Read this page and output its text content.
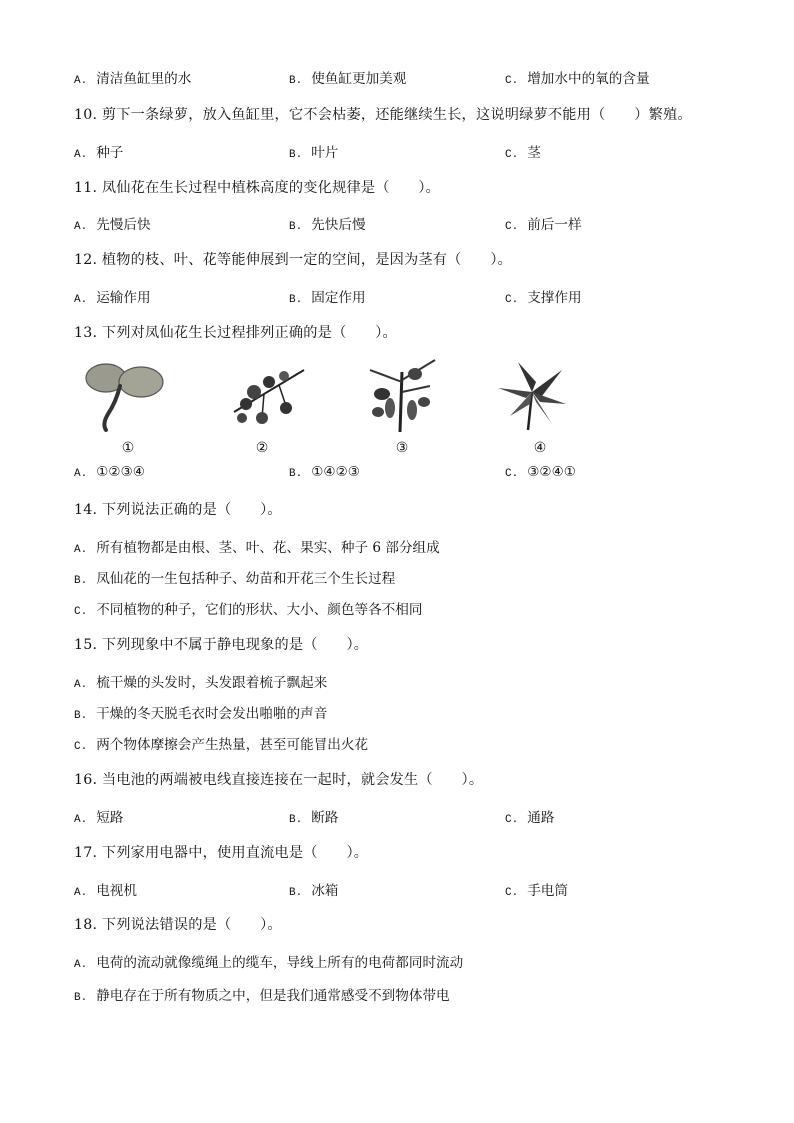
A. 清洁鱼缸里的水	B. 使鱼缸更加美观	C. 增加水中的氧的含量
10. 剪下一条绿萝，放入鱼缸里，它不会枯萎，还能继续生长，这说明绿萝不能用（　　）繁殖。
A. 种子	B. 叶片	C. 茎
11. 凤仙花在生长过程中植株高度的变化规律是（　　）。
A. 先慢后快	B. 先快后慢	C. 前后一样
12. 植物的枝、叶、花等能伸展到一定的空间，是因为茎有（　　）。
A. 运输作用	B. 固定作用	C. 支撑作用
13. 下列对凤仙花生长过程排列正确的是（　　）。
①	②	③	④
A. ①②③④	B. ①④②③	C. ③②④①
14. 下列说法正确的是（　　）。
A. 所有植物都是由根、茎、叶、花、果实、种子 6 部分组成
B. 凤仙花的一生包括种子、幼苗和开花三个生长过程
C. 不同植物的种子，它们的形状、大小、颜色等各不相同
15. 下列现象中不属于静电现象的是（　　）。
A. 梳干燥的头发时，头发跟着梳子飘起来
B. 干燥的冬天脱毛衣时会发出啪啪的声音
C. 两个物体摩擦会产生热量，甚至可能冒出火花
16. 当电池的两端被电线直接连接在一起时，就会发生（　　）。
A. 短路	B. 断路	C. 通路
17. 下列家用电器中，使用直流电是（　　）。
A. 电视机	B. 冰箱	C. 手电筒
18. 下列说法错误的是（　　）。
A. 电荷的流动就像缆绳上的缆车，导线上所有的电荷都同时流动
B. 静电存在于所有物质之中，但是我们通常感受不到物体带电
